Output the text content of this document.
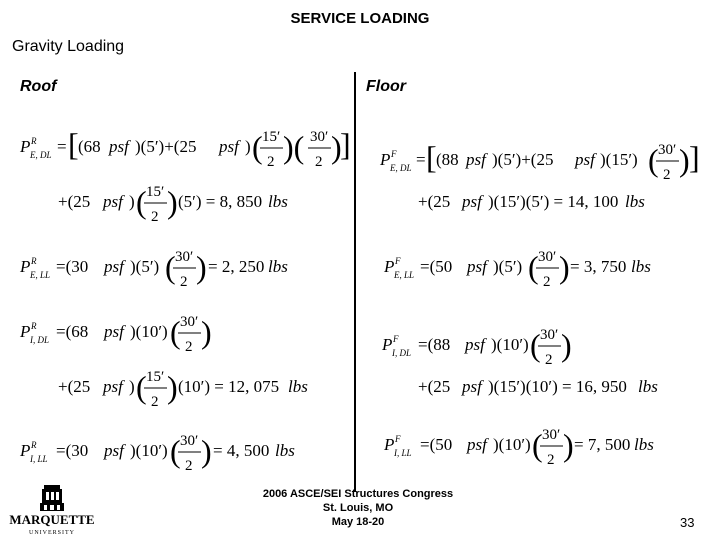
SERVICE LOADING
Gravity Loading
Roof	Floor
P R
E, DL = [ (68 psf )(5′)+(25 psf ) ( 15′
2 )( 30′
2 )
]
+(25 psf ) ( 15′
2 ) (5′) = 8, 850 lbs
P R
E, LL =(30 psf )(5′) ( 30′
2 ) = 2, 250 lbs
P R
I, DL =(68 psf )(10′) ( 30′
2 )
+(25 psf ) ( 15′
2 ) (10′) = 12, 075 lbs
P R
I, LL =(30 psf )(10′) ( 30′
2 ) = 4, 500 lbs
P F
E, DL = [ (88 psf )(5′)+(25 psf )(15′) ( 30′
2 ) ]
+(25 psf )(15′)(5′) = 14, 100 lbs
P F
E, LL =(50 psf )(5′) ( 30′
2 ) = 3, 750 lbs
P F
I, DL =(88 psf )(10′) ( 30′
2 )
+(25 psf )(15′)(10′) = 16, 950 lbs
P F
I, LL =(50 psf )(10′) ( 30′
2 ) = 7, 500 lbs
MARQUETTE
UNIVERSITY
2006 ASCE/SEI Structures Congress
St. Louis, MO
May 18-20	33
